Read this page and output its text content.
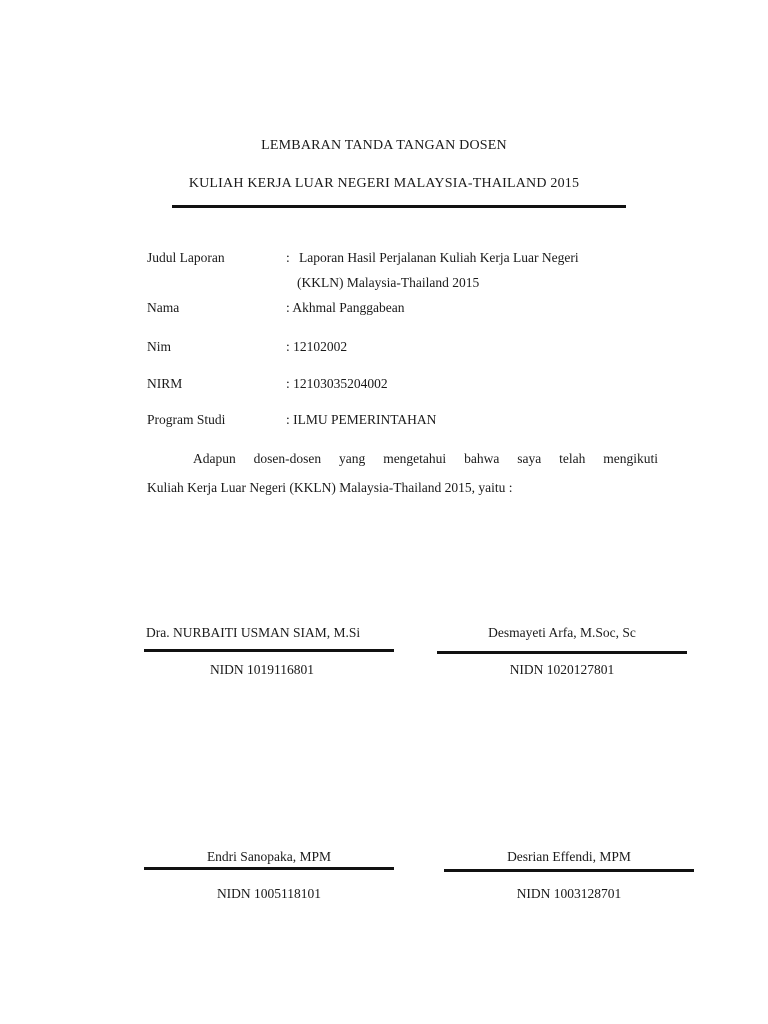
LEMBARAN TANDA TANGAN DOSEN
KULIAH KERJA LUAR NEGERI MALAYSIA-THAILAND 2015
Judul Laporan	: Laporan Hasil Perjalanan Kuliah Kerja Luar Negeri
(KKLN) Malaysia-Thailand 2015
Nama	: Akhmal Panggabean
Nim	: 12102002
NIRM	: 12103035204002
Program Studi	: ILMU PEMERINTAHAN
Adapun dosen-dosen yang mengetahui bahwa saya telah mengikuti
Kuliah Kerja Luar Negeri (KKLN) Malaysia-Thailand 2015, yaitu :
Dra. NURBAITI USMAN SIAM, M.Si
NIDN 1019116801
Desmayeti Arfa, M.Soc, Sc
NIDN 1020127801
Endri Sanopaka, MPM
NIDN 1005118101
Desrian Effendi, MPM
NIDN 1003128701
